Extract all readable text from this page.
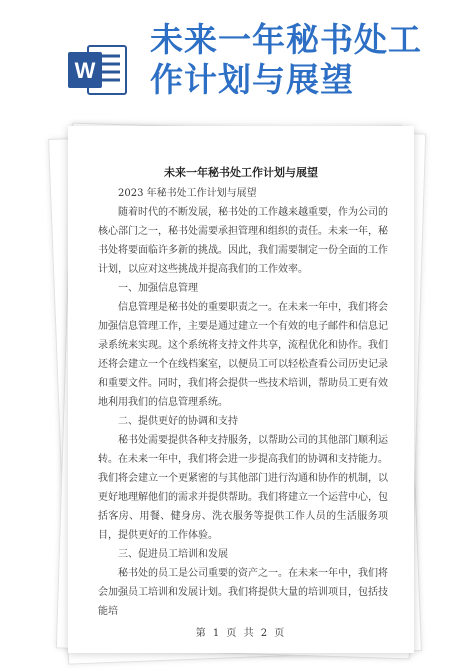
W
未来一年秘书处工作计划与展望
未来一年秘书处工作计划与展望

2023 年秘书处工作计划与展望

随着时代的不断发展，秘书处的工作越来越重要，作为公司的核心部门之一，秘书处需要承担管理和组织的责任。未来一年，秘书处将要面临许多新的挑战。因此，我们需要制定一份全面的工作计划，以应对这些挑战并提高我们的工作效率。

一、加强信息管理

信息管理是秘书处的重要职责之一。在未来一年中，我们将会加强信息管理工作，主要是通过建立一个有效的电子邮件和信息记录系统来实现。这个系统将支持文件共享，流程优化和协作。我们还将会建立一个在线档案室，以便员工可以轻松查看公司历史记录和重要文件。同时，我们将会提供一些技术培训，帮助员工更有效地利用我们的信息管理系统。

二、提供更好的协调和支持

秘书处需要提供各种支持服务，以帮助公司的其他部门顺利运转。在未来一年中，我们将会进一步提高我们的协调和支持能力。我们将会建立一个更紧密的与其他部门进行沟通和协作的机制，以更好地理解他们的需求并提供帮助。我们将建立一个运营中心，包括客房、用餐、健身房、洗衣服务等提供工作人员的生活服务项目，提供更好的工作体验。

三、促进员工培训和发展

秘书处的员工是公司重要的资产之一。在未来一年中，我们将会加强员工培训和发展计划。我们将提供大量的培训项目，包括技能培

第 1 页 共 2 页
